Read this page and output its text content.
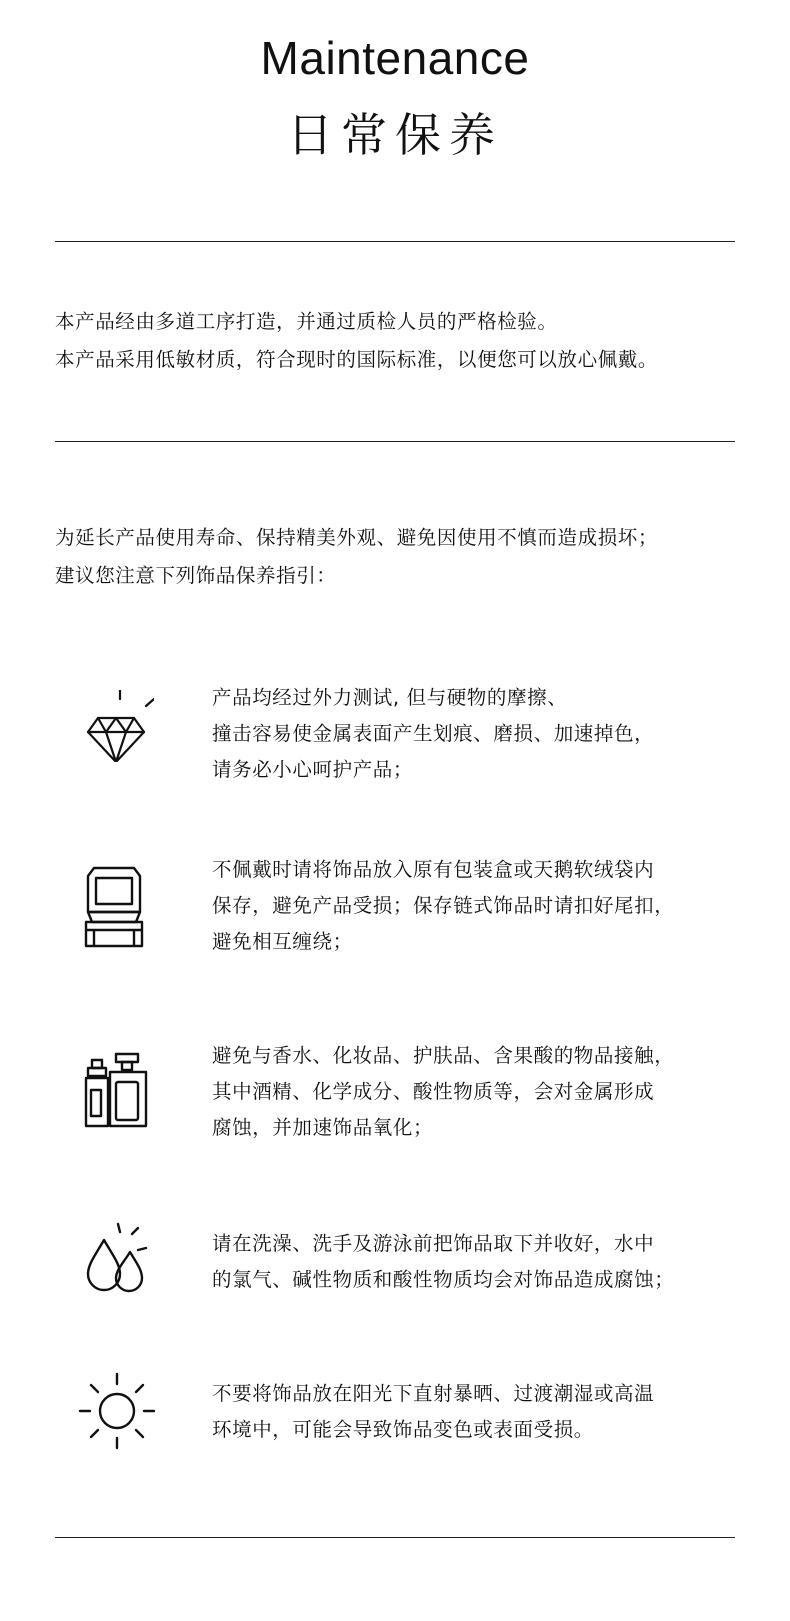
Maintenance
日常保养

本产品经由多道工序打造，并通过质检人员的严格检验。

本产品采用低敏材质，符合现时的国际标准，以便您可以放心佩戴。

为延长产品使用寿命、保持精美外观、避免因使用不慎而造成损坏；

建议您注意下列饰品保养指引：

产品均经过外力测试, 但与硬物的摩擦、

撞击容易使金属表面产生划痕、磨损、加速掉色，

请务必小心呵护产品；

不佩戴时请将饰品放入原有包装盒或天鹅软绒袋内

保存，避免产品受损；保存链式饰品时请扣好尾扣，

避免相互缠绕；

避免与香水、化妆品、护肤品、含果酸的物品接触，

其中酒精、化学成分、酸性物质等，会对金属形成

腐蚀，并加速饰品氧化；

请在洗澡、洗手及游泳前把饰品取下并收好，水中

的氯气、碱性物质和酸性物质均会对饰品造成腐蚀；

不要将饰品放在阳光下直射暴晒、过渡潮湿或高温

环境中，可能会导致饰品变色或表面受损。
